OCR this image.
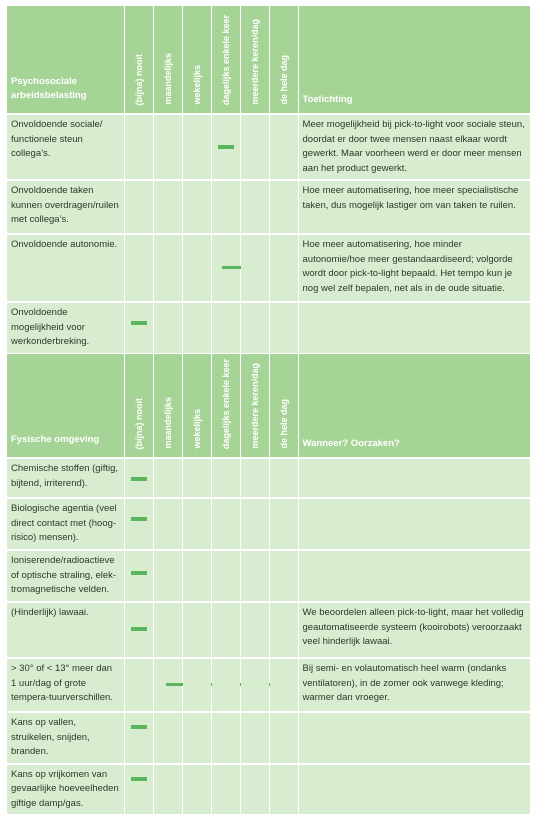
Psychosociale arbeidsbelasting	(bijna) nooit	maandelijks	wekelijks	dagelijks enkele keer	meerdere keren/dag	de hele dag	Toelichting
Onvoldoende sociale/ functionele steun collega’s.							Meer mogelijkheid bij pick-to-light voor sociale steun, doordat er door twee mensen naast elkaar wordt gewerkt. Maar voorheen werd er door meer mensen aan het product gewerkt.
Onvoldoende taken kunnen overdragen/ruilen met collega’s.							Hoe meer automatisering, hoe meer specialistische taken, dus mogelijk lastiger om van taken te ruilen.
Onvoldoende autonomie.							Hoe meer automatisering, hoe minder autonomie/hoe meer gestandaardiseerd; volgorde wordt door pick-to-light bepaald. Het tempo kun je nog wel zelf bepalen, net als in de oude situatie.
Onvoldoende mogelijkheid voor werkonderbreking.	

Fysische omgeving	(bijna) nooit	maandelijks	wekelijks	dagelijks enkele keer	meerdere keren/dag	de hele dag	Wanneer? Oorzaken?
Chemische stoffen (giftig, bijtend, irriterend).	

Biologische agentia (veel direct contact met (hoog-risico) mensen).	

Ioniserende/radioactieve of optische straling, elek-tromagnetische velden.	

(Hinderlijk) lawaai.							We beoordelen alleen pick-to-light, maar het volledig geautomatiseerde systeem (kooirobots) veroorzaakt veel hinderlijk lawaai.
> 30° of < 13° meer dan 1 uur/dag of grote tempera-tuurverschillen.							Bij semi- en volautomatisch heel warm (ondanks ventilatoren), in de zomer ook vanwege kleding; warmer dan vroeger.
Kans op vallen, struikelen, snijden, branden.	

Kans op vrijkomen van gevaarlijke hoeveelheden giftige damp/gas.	
